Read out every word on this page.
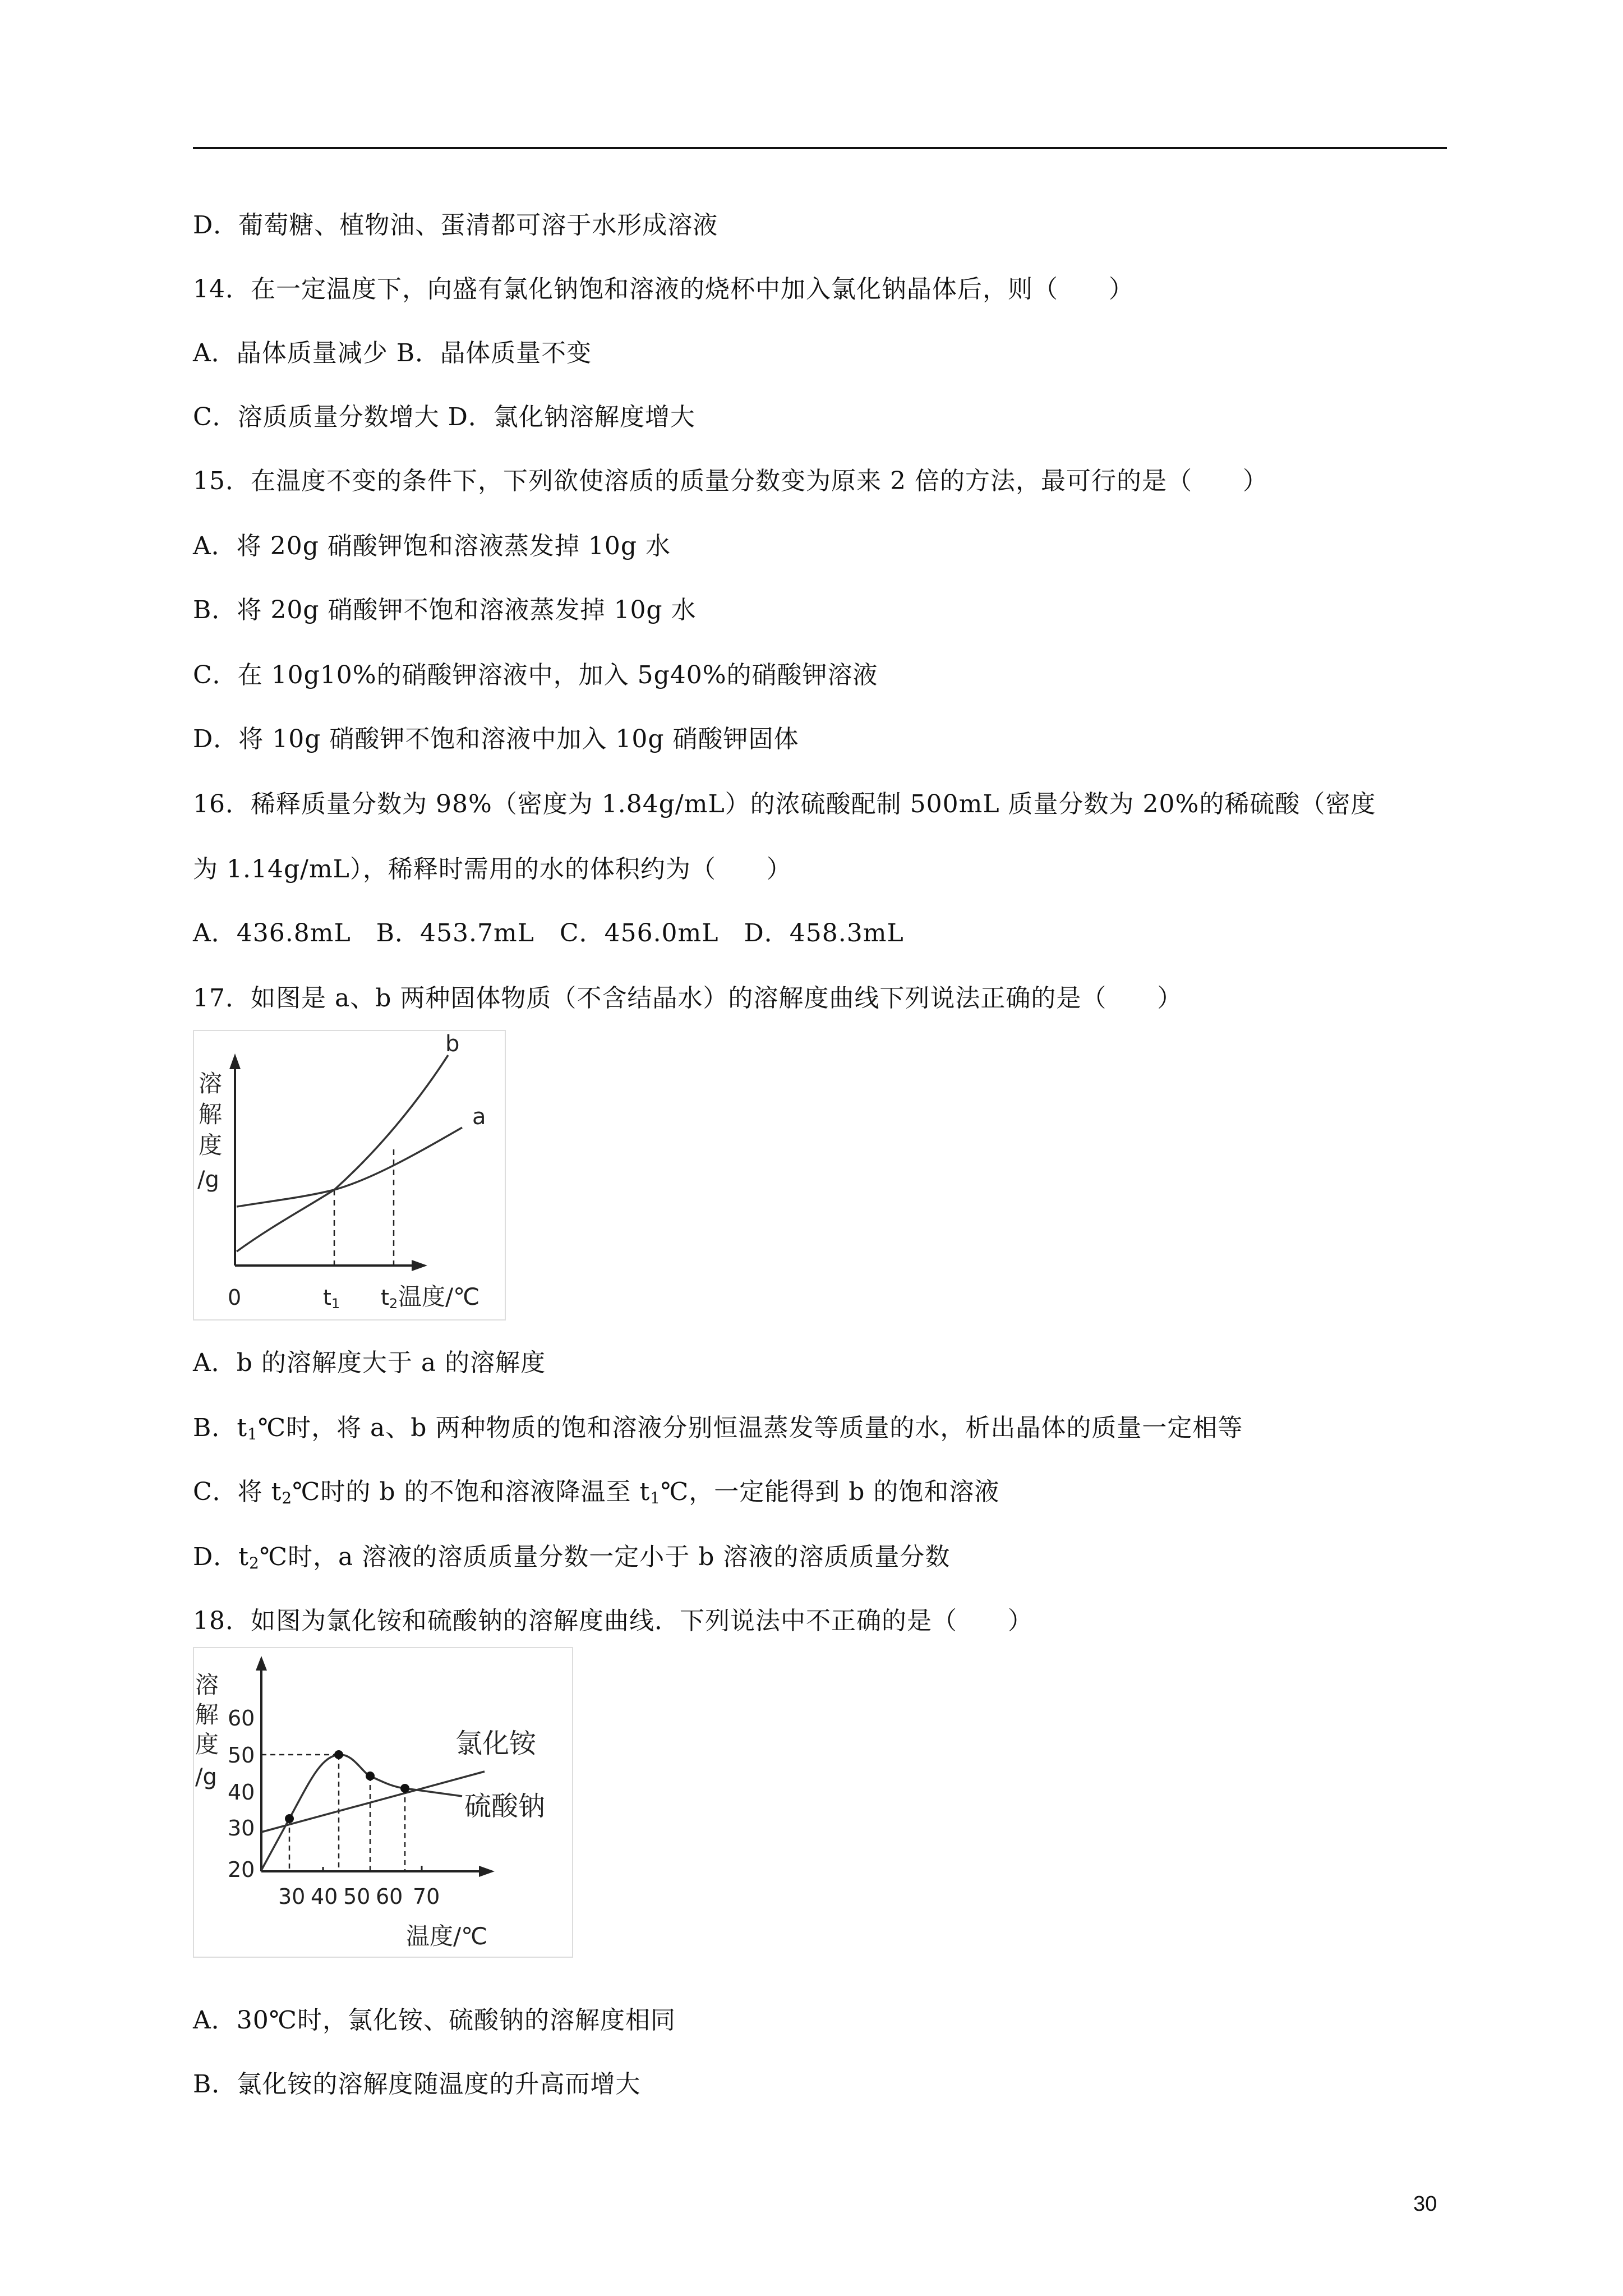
D．葡萄糖、植物油、蛋清都可溶于水形成溶液
14．在一定温度下，向盛有氯化钠饱和溶液的烧杯中加入氯化钠晶体后，则（　　）
A．晶体质量减少 B．晶体质量不变
C．溶质质量分数增大 D．氯化钠溶解度增大
15．在温度不变的条件下，下列欲使溶质的质量分数变为原来 2 倍的方法，最可行的是（　　）
A．将 20g 硝酸钾饱和溶液蒸发掉 10g 水
B．将 20g 硝酸钾不饱和溶液蒸发掉 10g 水
C．在 10g10%的硝酸钾溶液中，加入 5g40%的硝酸钾溶液
D．将 10g 硝酸钾不饱和溶液中加入 10g 硝酸钾固体
16．稀释质量分数为 98%（密度为 1.84g/mL）的浓硫酸配制 500mL 质量分数为 20%的稀硫酸（密度
为 1.14g/mL），稀释时需用的水的体积约为（　　）
A．436.8mL　B．453.7mL　C．456.0mL　D．458.3mL
17．如图是 a、b 两种固体物质（不含结晶水）的溶解度曲线下列说法正确的是（　　）
A．b 的溶解度大于 a 的溶解度
B．$t_1℃$时，将 a、b 两种物质的饱和溶液分别恒温蒸发等质量的水，析出晶体的质量一定相等
C．将 $t_2℃$时的 b 的不饱和溶液降温至 $t_1℃$，一定能得到 b 的饱和溶液
D．$t_2℃$时，a 溶液的溶质质量分数一定小于 b 溶液的溶质质量分数
18．如图为氯化铵和硫酸钠的溶解度曲线．下列说法中不正确的是（　　）
A．30℃时，氯化铵、硫酸钠的溶解度相同
B．氯化铵的溶解度随温度的升高而增大
溶
解
度
/g
0	t1 t2 温度/℃
b
a
溶
解
度
/g
60
50
40
30
20
30 40 50 60 70
温度/℃
氯化铵
硫酸钠
30
